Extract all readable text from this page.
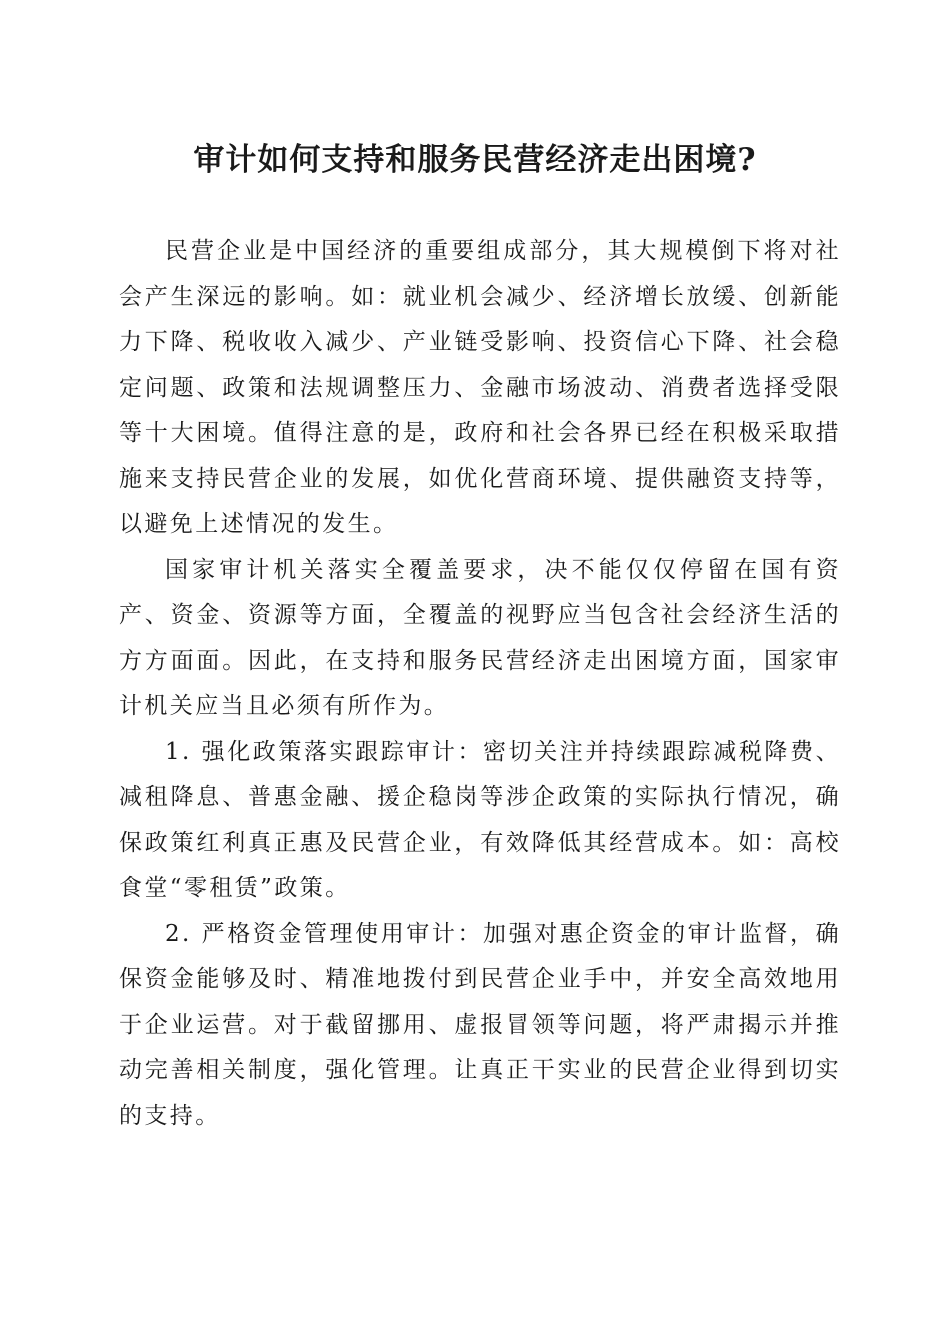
审计如何支持和服务民营经济走出困境?

民营企业是中国经济的重要组成部分，其大规模倒下将对社会产生深远的影响。如：就业机会减少、经济增长放缓、创新能力下降、税收收入减少、产业链受影响、投资信心下降、社会稳定问题、政策和法规调整压力、金融市场波动、消费者选择受限等十大困境。值得注意的是，政府和社会各界已经在积极采取措施来支持民营企业的发展，如优化营商环境、提供融资支持等，以避免上述情况的发生。

国家审计机关落实全覆盖要求，决不能仅仅停留在国有资产、资金、资源等方面，全覆盖的视野应当包含社会经济生活的方方面面。因此，在支持和服务民营经济走出困境方面，国家审计机关应当且必须有所作为。

1. 强化政策落实跟踪审计：密切关注并持续跟踪减税降费、减租降息、普惠金融、援企稳岗等涉企政策的实际执行情况，确保政策红利真正惠及民营企业，有效降低其经营成本。如：高校食堂“零租赁”政策。

2. 严格资金管理使用审计：加强对惠企资金的审计监督，确保资金能够及时、精准地拨付到民营企业手中，并安全高效地用于企业运营。对于截留挪用、虚报冒领等问题，将严肃揭示并推动完善相关制度，强化管理。让真正干实业的民营企业得到切实的支持。
